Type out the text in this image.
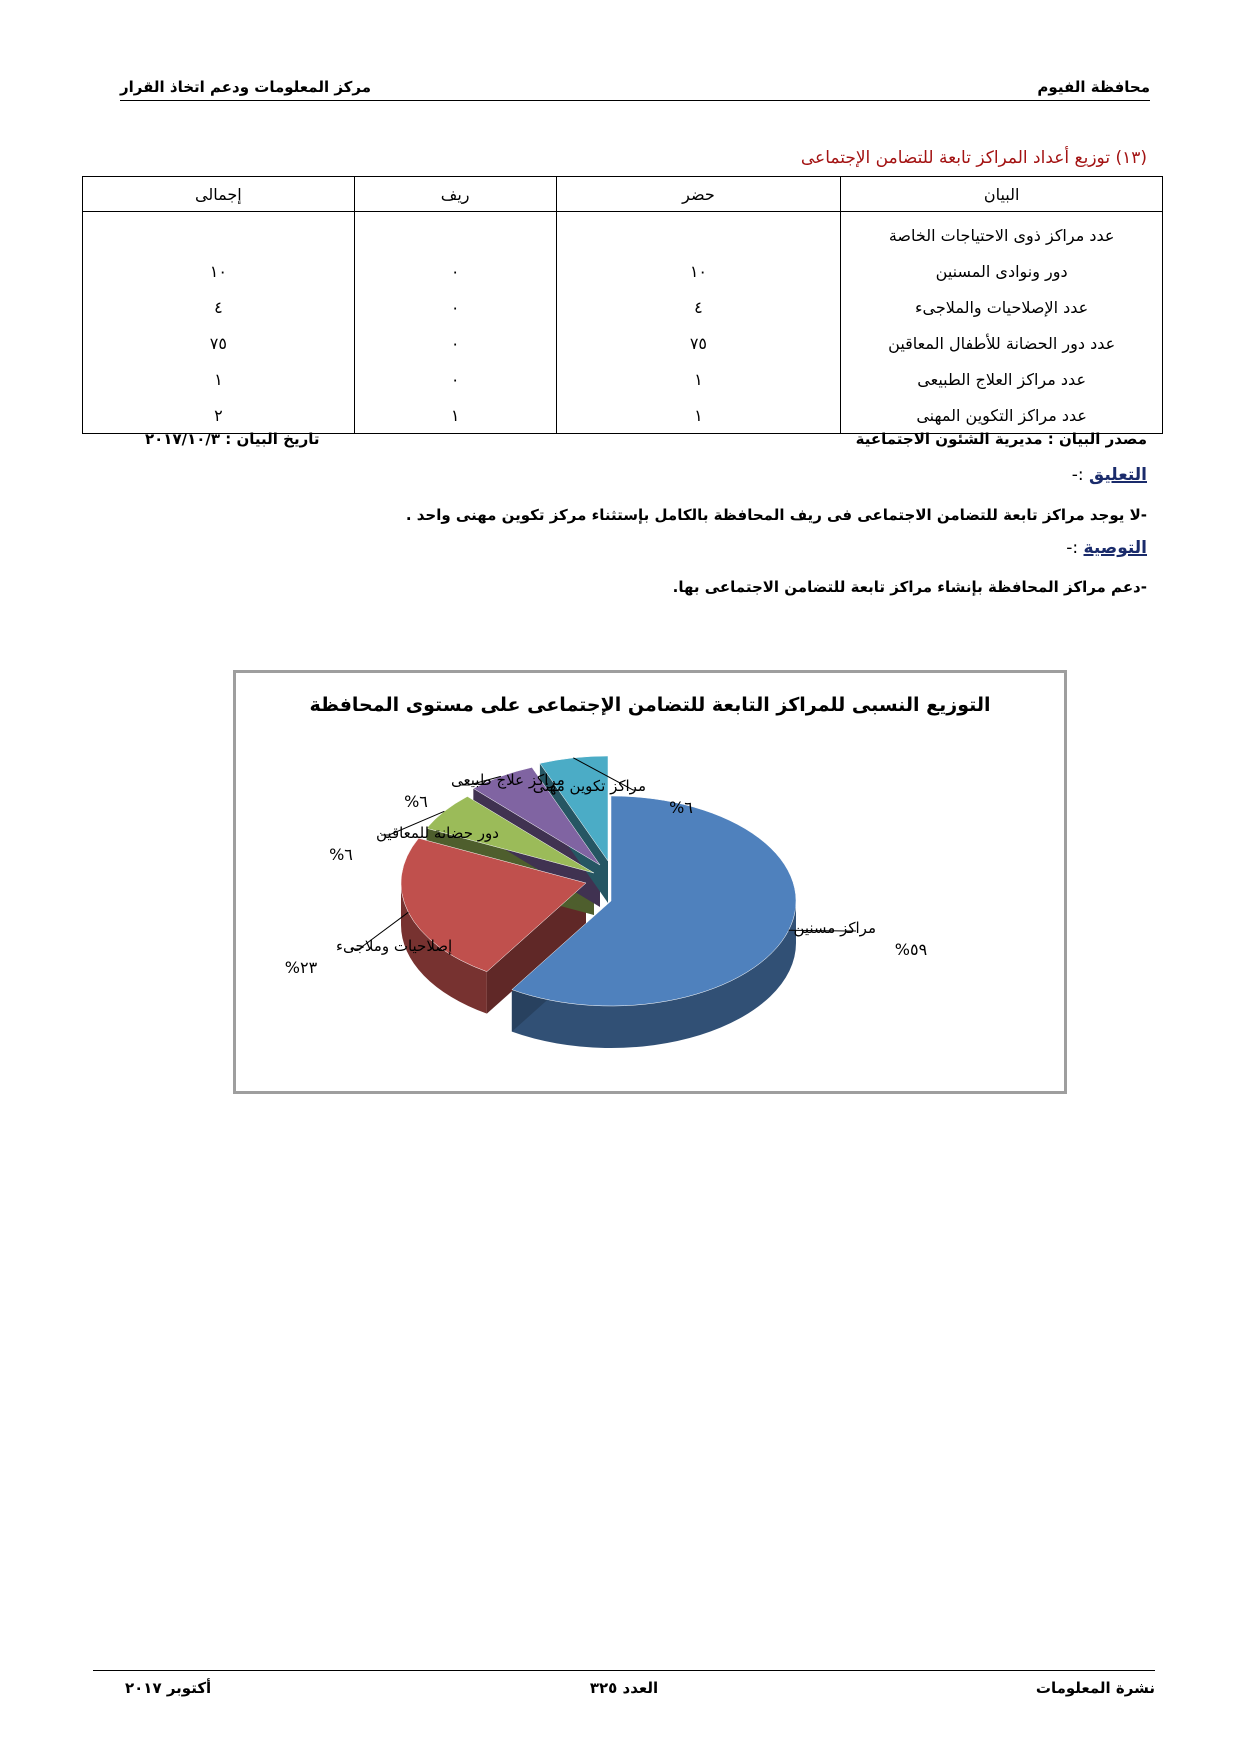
محافظة الفيوم
مركز المعلومات ودعم اتخاذ القرار
(١٣) توزيع أعداد المراكز تابعة للتضامن الإجتماعى
البيان	حضر	ريف	إجمالى
عدد مراكز ذوى الاحتياجات الخاصة			
دور ونوادى المسنين	١٠	٠	١٠
عدد الإصلاحيات والملاجىء	٤	٠	٤
عدد دور الحضانة للأطفال المعاقين	٧٥	٠	٧٥
عدد مراكز العلاج الطبيعى	١	٠	١
عدد مراكز التكوين المهنى	١	١	٢
مصدر البيان : مديرية الشئون الاجتماعية
تاريخ البيان : ٢٠١٧/١٠/٣
التعليق :-
-لا يوجد مراكز تابعة للتضامن الاجتماعى فى ريف المحافظة بالكامل بإستثناء مركز تكوين مهنى واحد .
التوصية :-
-دعم مراكز المحافظة بإنشاء مراكز تابعة للتضامن الاجتماعى بها.
التوزيع النسبى للمراكز التابعة للتضامن الإجتماعى على مستوى المحافظة
مراكز مسنين
%٥٩
إصلاحيات وملاجىء
%٢٣
دور حضانة للمعاقين
%٦
مراكز علاج طبيعى
%٦
مراكز تكوين مهنى
%٦
نشرة المعلومات
العدد ٣٢٥
أكتوبر ٢٠١٧
